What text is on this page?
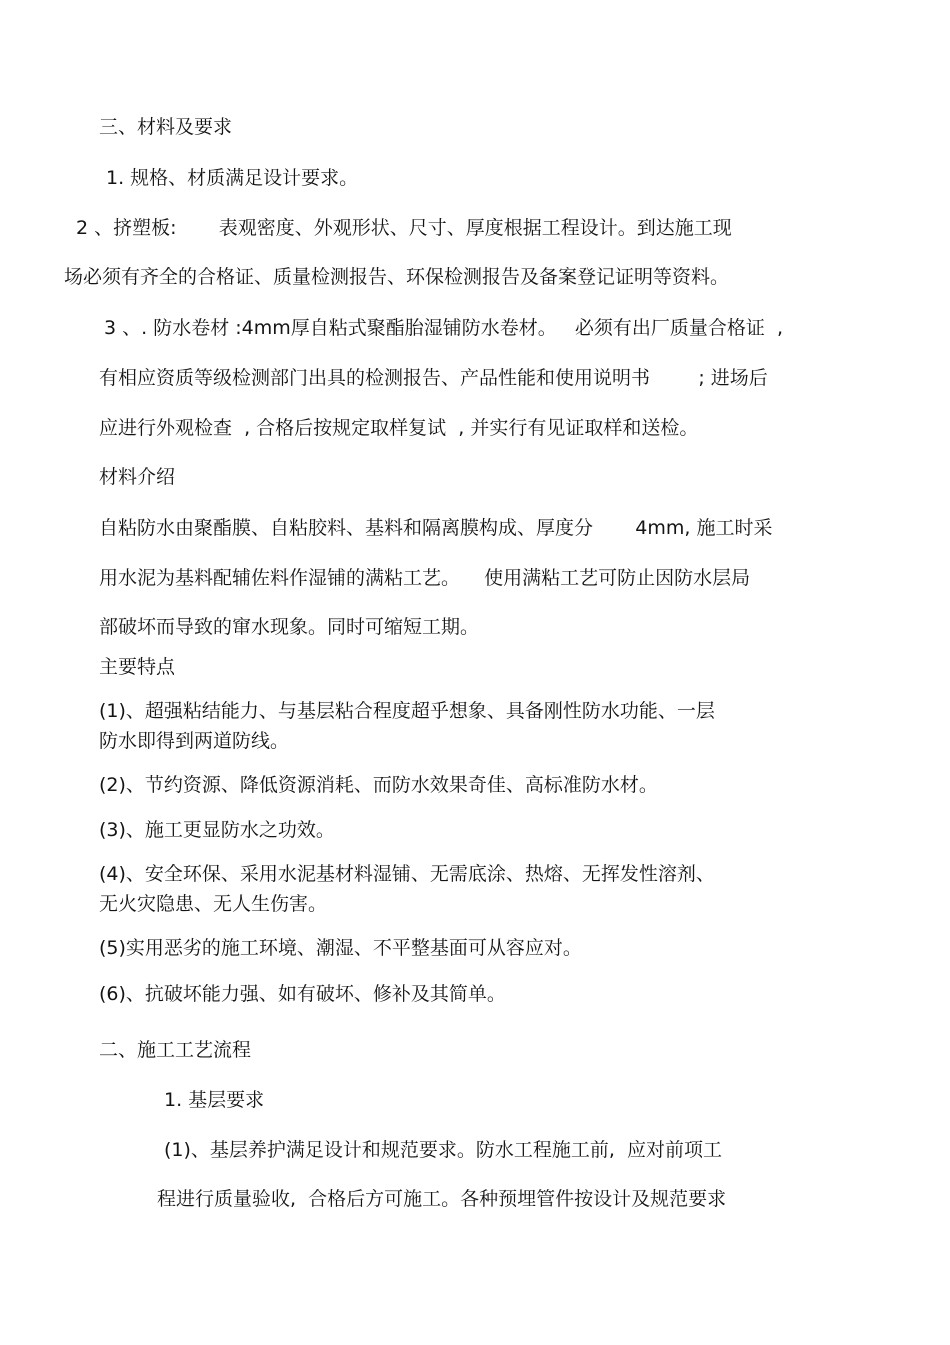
三、材料及要求
1. 规格、材质满足设计要求。
2 、挤塑板:       表观密度、外观形状、尺寸、厚度根据工程设计。到达施工现
场必须有齐全的合格证、质量检测报告、环保检测报告及备案登记证明等资料。
3 、. 防水卷材 :4mm厚自粘式聚酯胎湿铺防水卷材。   必须有出厂质量合格证  ,
有相应资质等级检测部门出具的检测报告、产品性能和使用说明书        ; 进场后
应进行外观检查  , 合格后按规定取样复试  , 并实行有见证取样和送检。
材料介绍
自粘防水由聚酯膜、自粘胶料、基料和隔离膜构成、厚度分       4mm, 施工时采
用水泥为基料配辅佐料作湿铺的满粘工艺。    使用满粘工艺可防止因防水层局
部破坏而导致的窜水现象。同时可缩短工期。
主要特点
(1)、超强粘结能力、与基层粘合程度超乎想象、具备刚性防水功能、一层
防水即得到两道防线。
(2)、节约资源、降低资源消耗、而防水效果奇佳、高标准防水材。
(3)、施工更显防水之功效。
(4)、安全环保、采用水泥基材料湿铺、无需底涂、热熔、无挥发性溶剂、
无火灾隐患、无人生伤害。
(5)实用恶劣的施工环境、潮湿、不平整基面可从容应对。
(6)、抗破坏能力强、如有破坏、修补及其简单。
二、施工工艺流程
1. 基层要求
(1)、基层养护满足设计和规范要求。防水工程施工前,  应对前项工
程进行质量验收,  合格后方可施工。各种预埋管件按设计及规范要求
